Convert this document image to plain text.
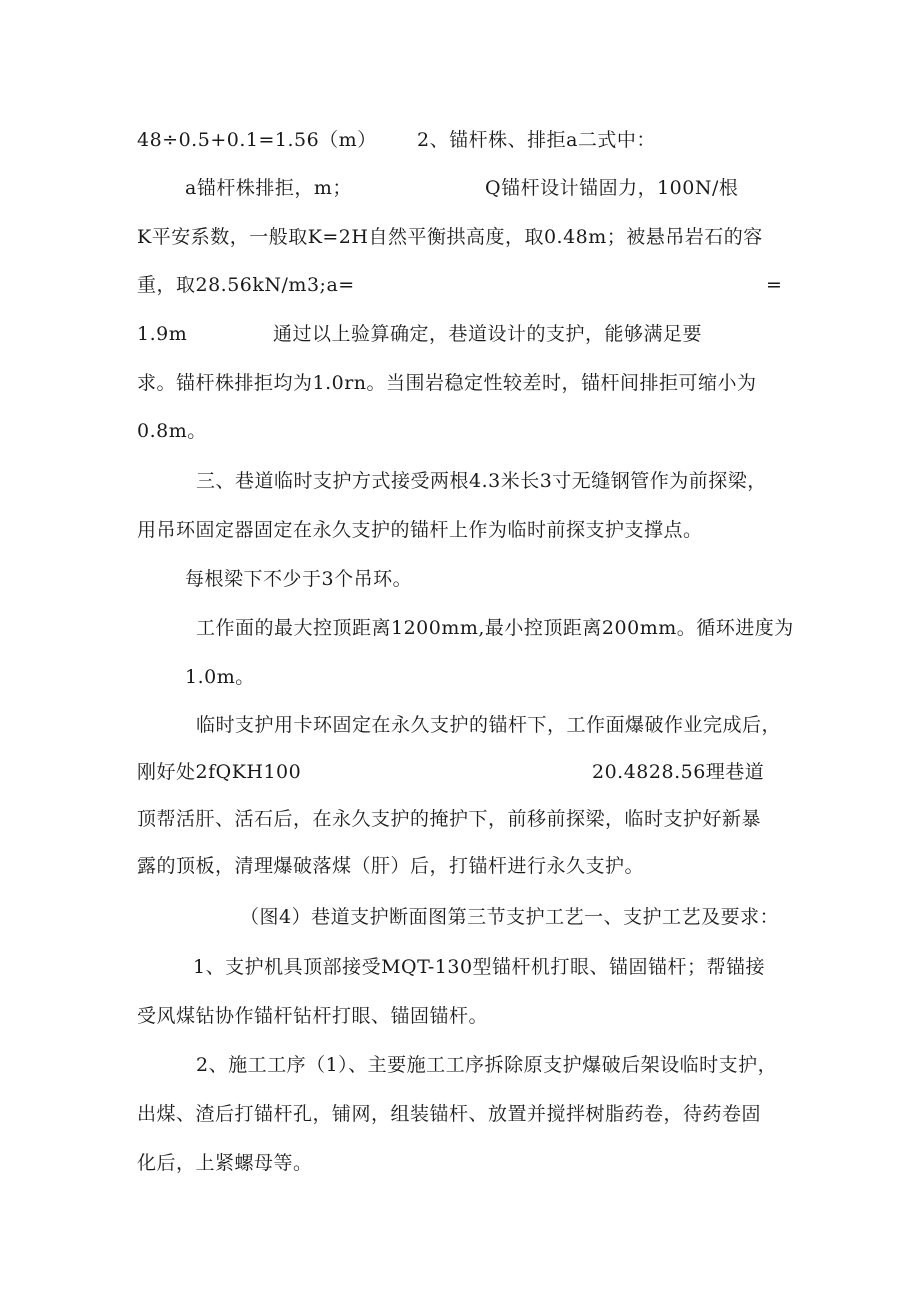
48÷0.5+0.1=1.56（m） 2、锚杆株、排拒a二式中：
a锚杆株排拒，m；	Q锚杆设计锚固力，100N/根
K平安系数，一般取K=2H自然平衡拱高度，取0.48m；被悬吊岩石的容
重，取28.56kN/m3;a=	=
1.9m	通过以上验算确定，巷道设计的支护，能够满足要
求。锚杆株排拒均为1.0rn。当围岩稳定性较差时，锚杆间排拒可缩小为
0.8m。
三、巷道临时支护方式接受两根4.3米长3寸无缝钢管作为前探梁，
用吊环固定器固定在永久支护的锚杆上作为临时前探支护支撑点。
每根梁下不少于3个吊环。
工作面的最大控顶距离1200mm,最小控顶距离200mm。循环进度为
1.0m。
临时支护用卡环固定在永久支护的锚杆下，工作面爆破作业完成后，
刚好处2fQKH100	20.4828.56理巷道
顶帮活肝、活石后，在永久支护的掩护下，前移前探梁，临时支护好新暴
露的顶板，清理爆破落煤（肝）后，打锚杆进行永久支护。
（图4）巷道支护断面图第三节支护工艺一、支护工艺及要求：
1、支护机具顶部接受MQT-130型锚杆机打眼、锚固锚杆；帮锚接
受风煤钻协作锚杆钻杆打眼、锚固锚杆。
2、施工工序（1）、主要施工工序拆除原支护爆破后架设临时支护，
出煤、渣后打锚杆孔，铺网，组装锚杆、放置并搅拌树脂药卷，待药卷固
化后，上紧螺母等。
